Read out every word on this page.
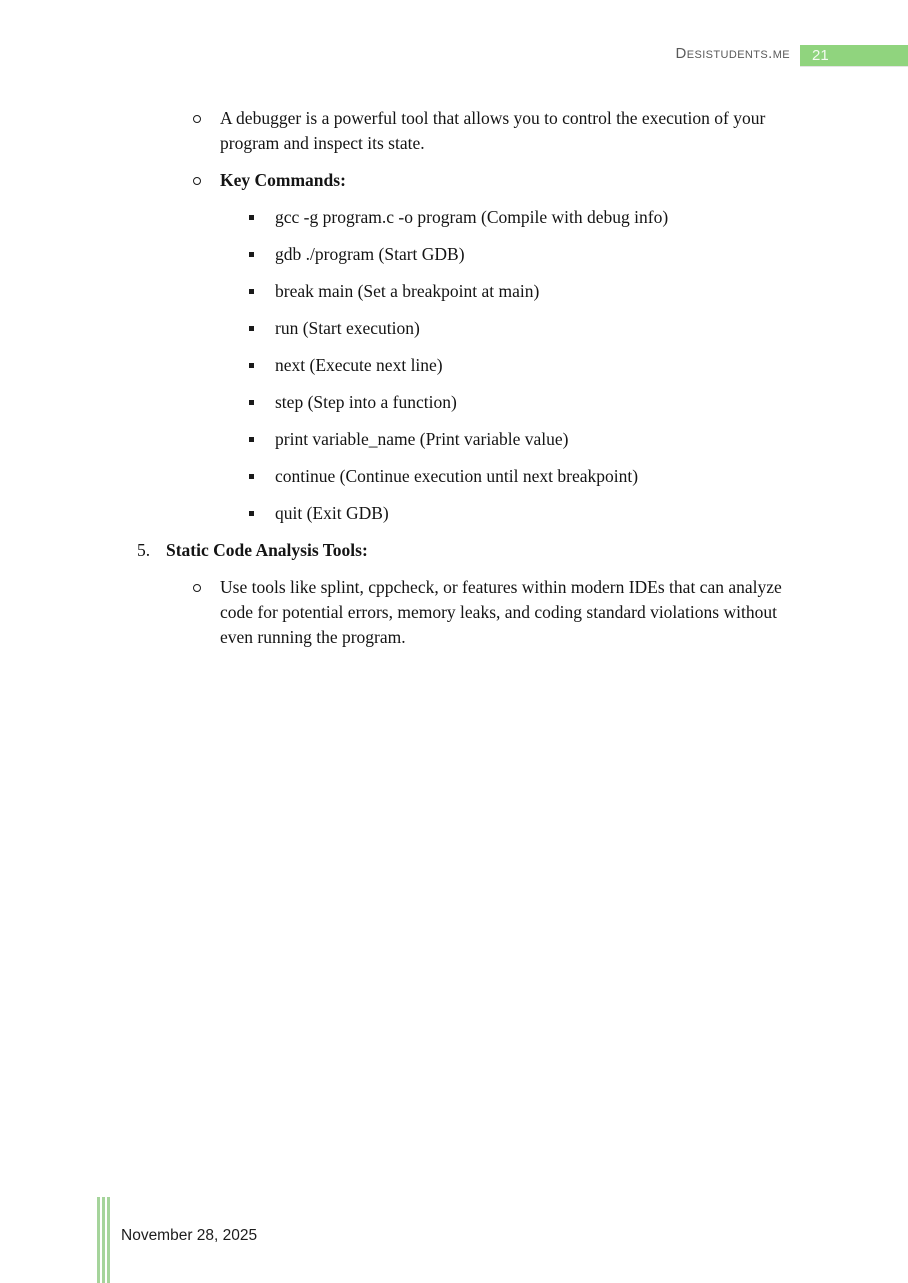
Desistudents.me	21
A debugger is a powerful tool that allows you to control the execution of your program and inspect its state.
Key Commands:
gcc -g program.c -o program (Compile with debug info)
gdb ./program (Start GDB)
break main (Set a breakpoint at main)
run (Start execution)
next (Execute next line)
step (Step into a function)
print variable_name (Print variable value)
continue (Continue execution until next breakpoint)
quit (Exit GDB)
5. Static Code Analysis Tools:
Use tools like splint, cppcheck, or features within modern IDEs that can analyze code for potential errors, memory leaks, and coding standard violations without even running the program.
November 28, 2025
